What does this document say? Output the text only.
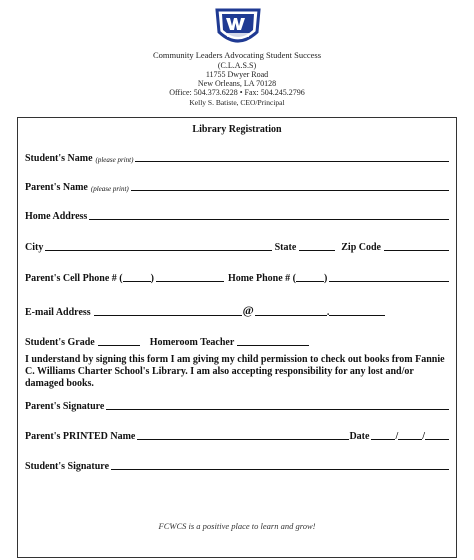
Community Leaders Advocating Student Success
(C.L.A.S.S)
11755 Dwyer Road
New Orleans, LA 70128
Office: 504.373.6228 • Fax: 504.245.2796
Kelly S. Batiste, CEO/Principal
Library Registration
Student's Name (please print)
Parent's Name (please print)
Home Address
City	State	Zip Code
Parent's Cell Phone # (	)	Home Phone # (	)
E-mail Address	@	.
Student's Grade	Homeroom Teacher
I understand by signing this form I am giving my child permission to check out books from Fannie C. Williams Charter School's Library. I am also accepting responsibility for any lost and/or damaged books.
Parent's Signature
Parent's PRINTED Name	Date	/ /
Student's Signature
FCWCS is a positive place to learn and grow!
